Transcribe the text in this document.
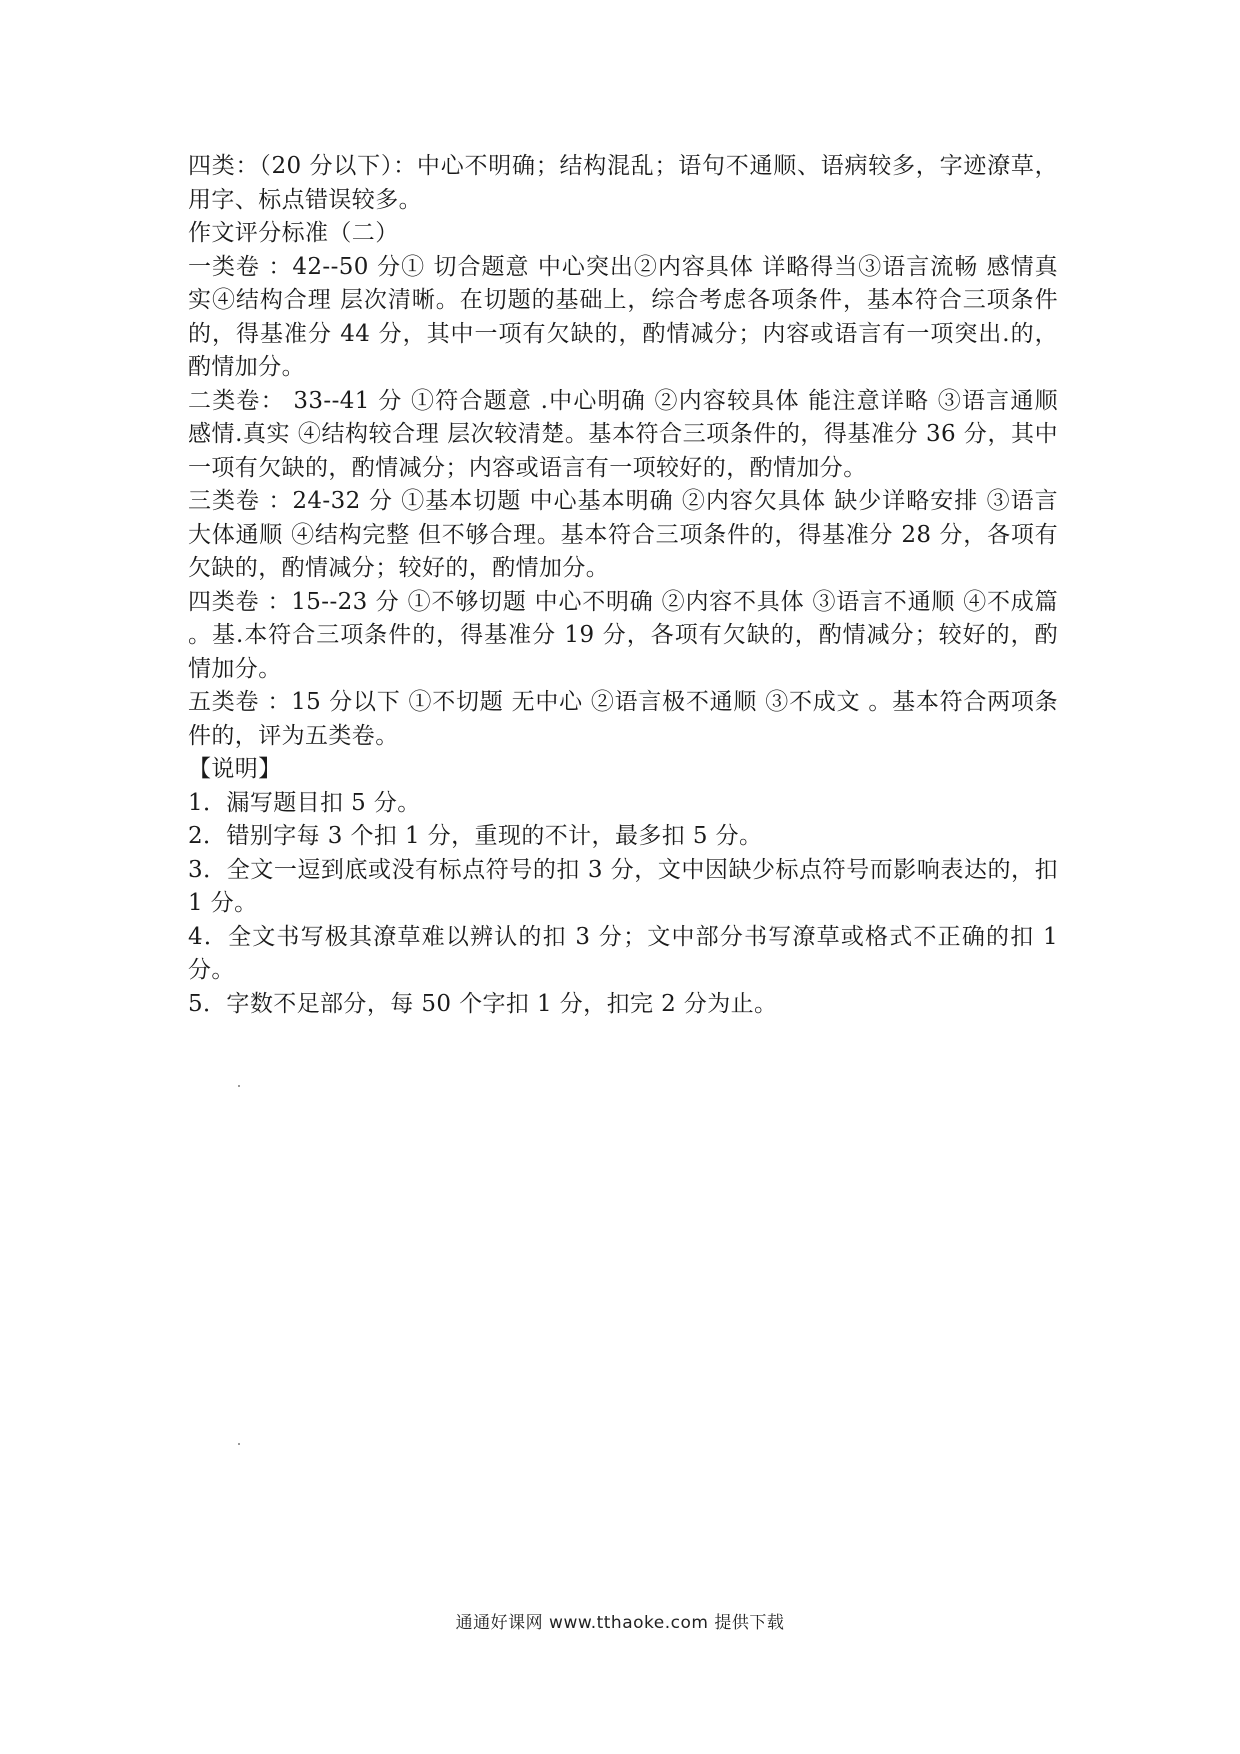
四类：（20 分以下）：中心不明确；结构混乱；语句不通顺、语病较多，字迹潦草，用字、标点错误较多。

作文评分标准（二）

一类卷 ：42--50 分① 切合题意 中心突出②内容具体 详略得当③语言流畅 感情真实④结构合理 层次清晰。在切题的基础上，综合考虑各项条件，基本符合三项条件的，得基准分 44 分，其中一项有欠缺的，酌情减分；内容或语言有一项突出.的，酌情加分。

二类卷： 33--41 分 ①符合题意 .中心明确 ②内容较具体 能注意详略 ③语言通顺 感情.真实 ④结构较合理 层次较清楚。基本符合三项条件的，得基准分 36 分，其中一项有欠缺的，酌情减分；内容或语言有一项较好的，酌情加分。

三类卷 ：24-32 分 ①基本切题 中心基本明确 ②内容欠具体 缺少详略安排 ③语言大体通顺 ④结构完整 但不够合理。基本符合三项条件的，得基准分 28 分，各项有欠缺的，酌情减分；较好的，酌情加分。

四类卷 ：15--23 分 ①不够切题 中心不明确 ②内容不具体 ③语言不通顺 ④不成篇 。基.本符合三项条件的，得基准分 19 分，各项有欠缺的，酌情减分；较好的，酌情加分。

五类卷 ：15 分以下 ①不切题 无中心 ②语言极不通顺 ③不成文 。基本符合两项条件的，评为五类卷。

【说明】

1．漏写题目扣 5 分。

2．错别字每 3 个扣 1 分，重现的不计，最多扣 5 分。

3．全文一逗到底或没有标点符号的扣 3 分，文中因缺少标点符号而影响表达的，扣 1 分。

4．全文书写极其潦草难以辨认的扣 3 分；文中部分书写潦草或格式不正确的扣 1 分。

5．字数不足部分，每 50 个字扣 1 分，扣完 2 分为止。

通通好课网 www.tthaoke.com 提供下载
